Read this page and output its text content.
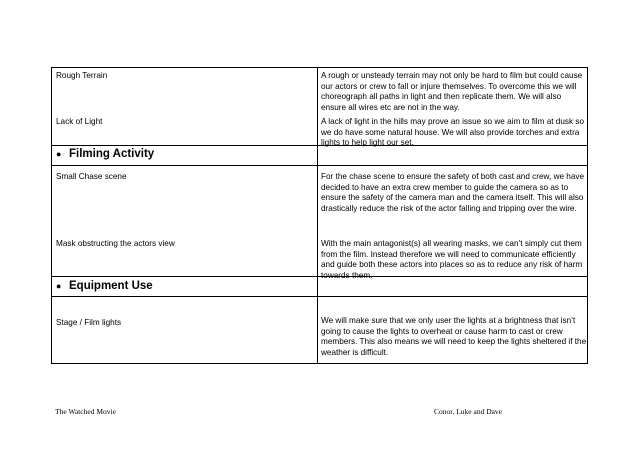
Rough Terrain	A rough or unsteady terrain may not only be hard to film but could cause our actors or crew to fall or injure themselves. To overcome this we will choreograph all paths in light and then replicate them. We will also ensure all wires etc are not in the way.
Lack of Light	A lack of light in the hills may prove an issue so we aim to film at dusk so we do have some natural house. We will also provide torches and extra lights to help light our set.
● Filming Activity
Small Chase scene	For the chase scene to ensure the safety of both cast and crew, we have decided to have an extra crew member to guide the camera so as to ensure the safety of the camera man and the camera itself. This will also drastically reduce the risk of the actor falling and tripping over the wire.
Mask obstructing the actors view	With the main antagonist(s) all wearing masks, we can’t simply cut them from the film. Instead therefore we will need to communicate efficiently and guide both these actors into places so as to reduce any risk of harm towards them.
● Equipment Use
Stage / Film lights	We will make sure that we only user the lights at a brightness that isn’t going to cause the lights to overheat or cause harm to cast or crew members. This also means we will need to keep the lights sheltered if the weather is difficult.
The Watched Movie	Conor, Luke and Dave
